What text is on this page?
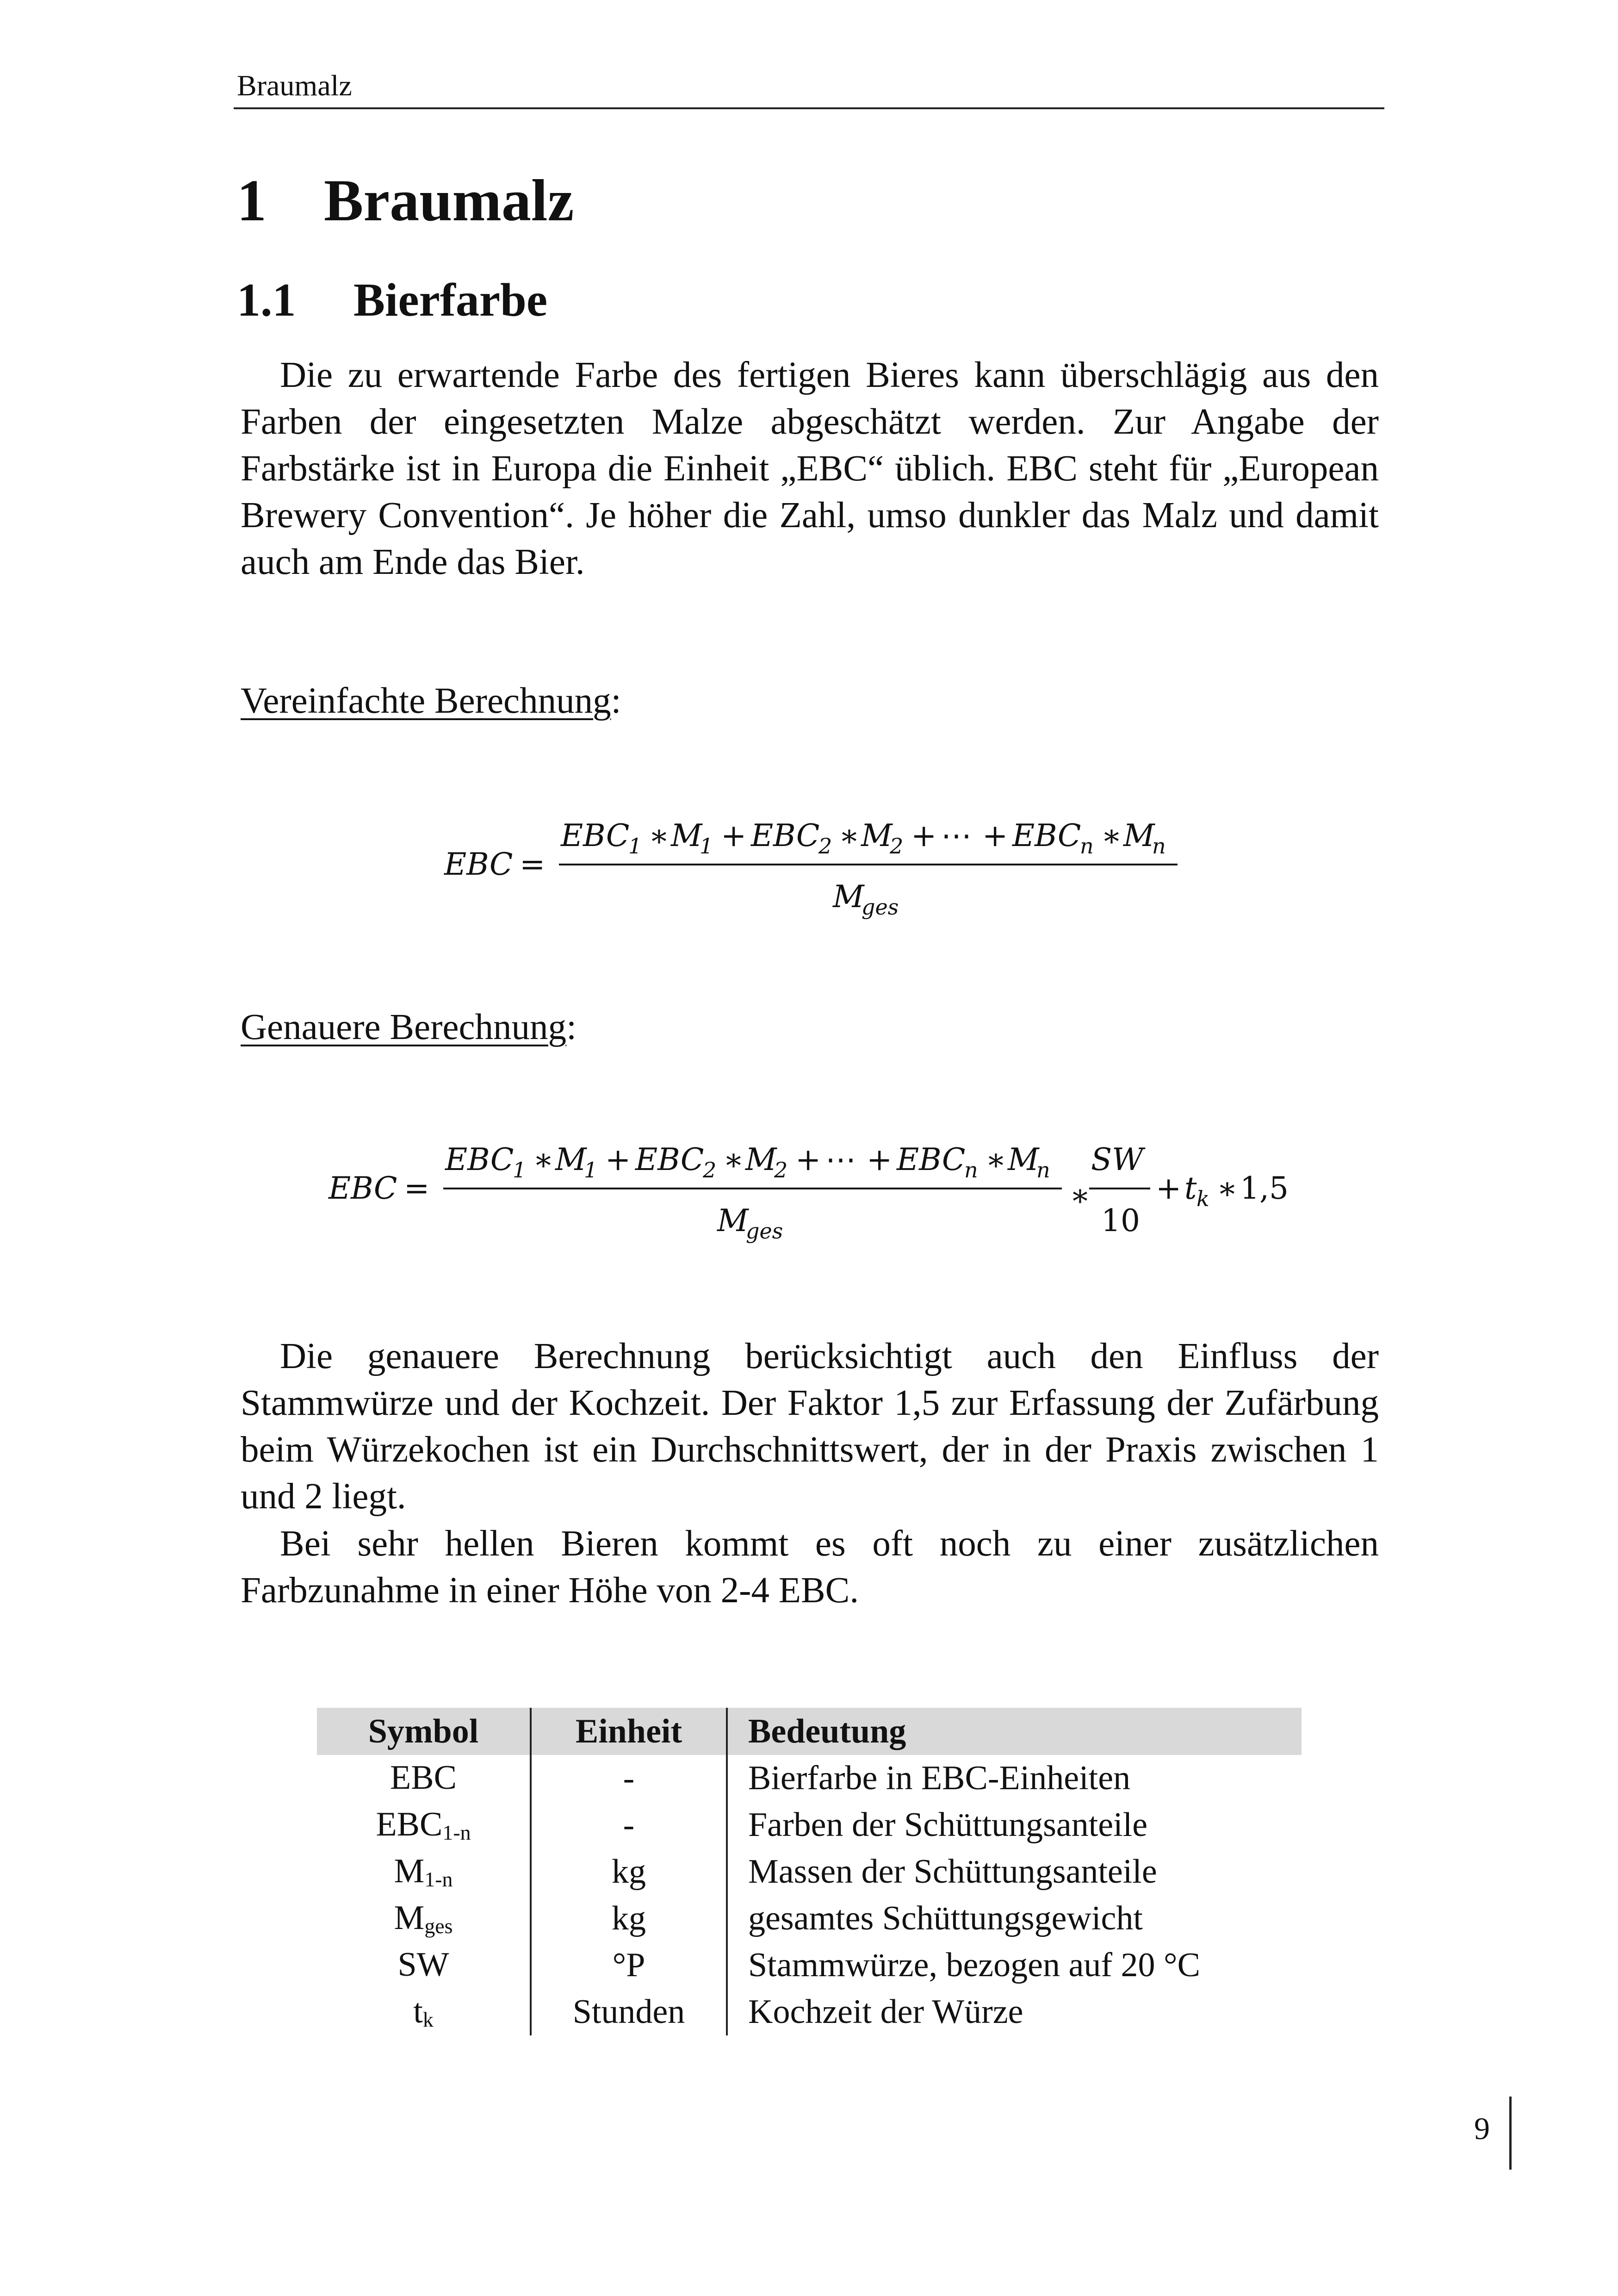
Braumalz
1 Braumalz
1.1 Bierfarbe

Die zu erwartende Farbe des fertigen Bieres kann überschlägig aus den Farben der eingesetzten Malze abgeschätzt werden. Zur Angabe der Farbstärke ist in Europa die Einheit „EBC“ üblich. EBC steht für „European Brewery Convention“. Je höher die Zahl, umso dunkler das Malz und damit auch am Ende das Bier.

Vereinfachte Berechnung:
EBC =
EBC
1 ∗ M
1 + EBC
2 ∗ M
2 + ⋯ + EBC
n ∗ M
n
M
ges
Genauere Berechnung:
EBC =
EBC
1 ∗ M
1 + EBC
2 ∗ M
2 + ⋯ + EBC
n ∗ M
n
M
ges
∗
SW
10
+ t k ∗ 1,5

Die genauere Berechnung berücksichtigt auch den Einfluss der Stammwürze und der Kochzeit. Der Faktor 1,5 zur Erfassung der Zufärbung beim Würzekochen ist ein Durchschnittswert, der in der Praxis zwischen 1 und 2 liegt.

Bei sehr hellen Bieren kommt es oft noch zu einer zusätzlichen Farbzunahme in einer Höhe von 2-4 EBC.

Symbol	Einheit	Bedeutung
EBC	-	Bierfarbe in EBC-Einheiten
$EBC_{1-n}$	-	Farben der Schüttungsanteile
$M_{1-n}$	kg	Massen der Schüttungsanteile
$M_{ges}$	kg	gesamtes Schüttungsgewicht
SW	°P	Stammwürze, bezogen auf 20 °C
$t_k$	Stunden	Kochzeit der Würze
9
